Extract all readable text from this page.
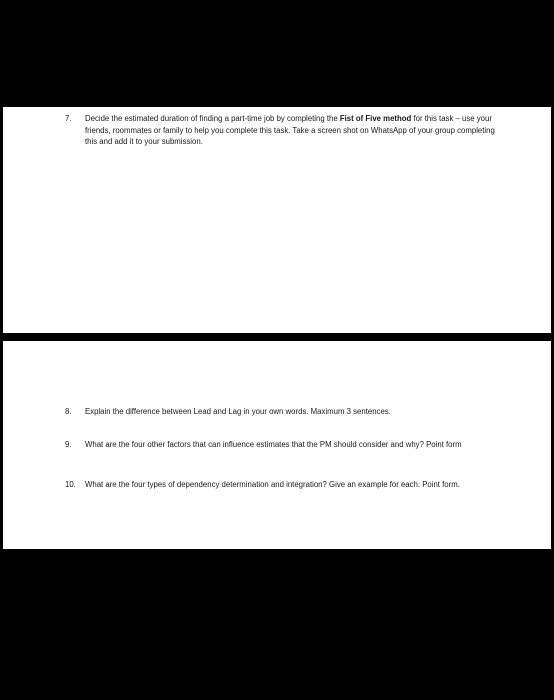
7.	Decide the estimated duration of finding a part-time job by completing the Fist of Five method for this task – use your friends, roommates or family to help you complete this task. Take a screen shot on WhatsApp of your group completing this and add it to your submission.
8.	Explain the difference between Lead and Lag in your own words. Maximum 3 sentences.
9.	What are the four other factors that can influence estimates that the PM should consider and why? Point form
10.	What are the four types of dependency determination and integration? Give an example for each. Point form.
